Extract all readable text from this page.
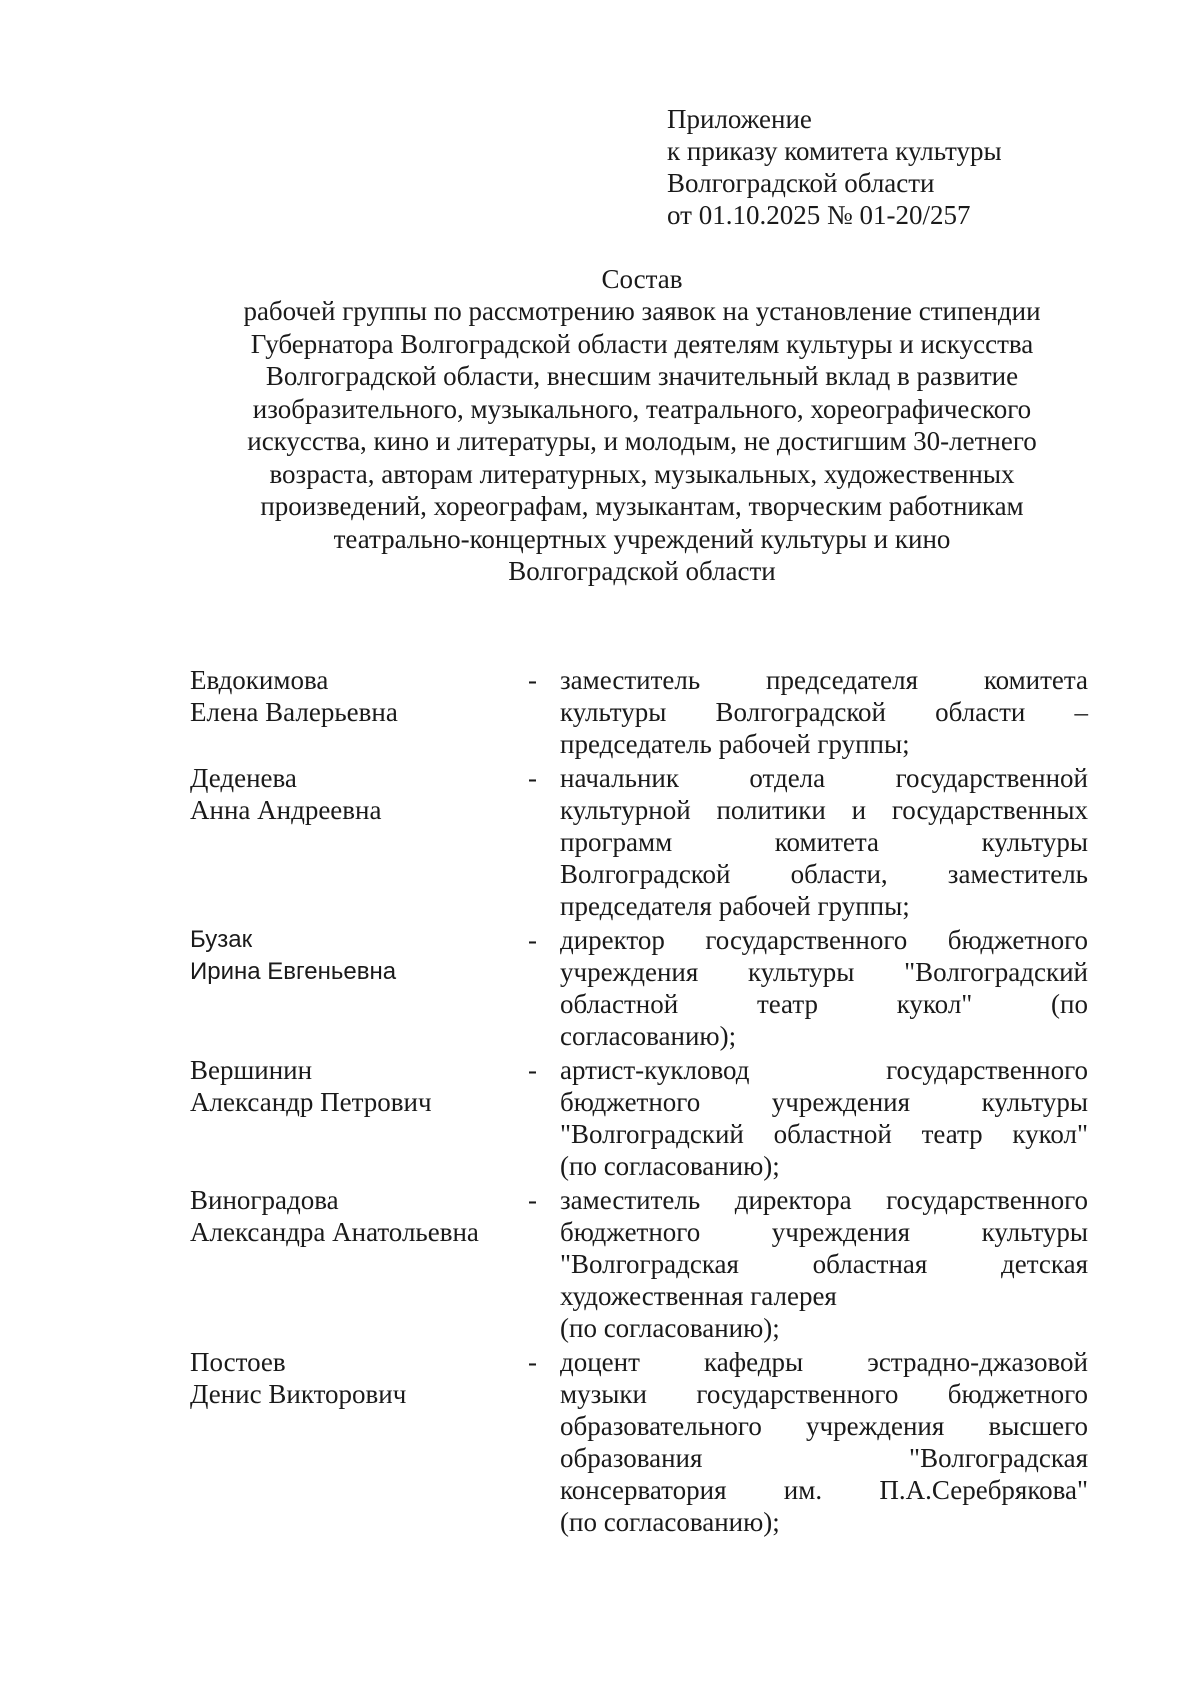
Приложение
к приказу комитета культуры
Волгоградской области
от 01.10.2025 № 01-20/257
Состав
рабочей группы по рассмотрению заявок на установление стипендии
Губернатора Волгоградской области деятелям культуры и искусства
Волгоградской области, внесшим значительный вклад в развитие
изобразительного, музыкального, театрального, хореографического
искусства, кино и литературы, и молодым, не достигшим 30-летнего
возраста, авторам литературных, музыкальных, художественных
произведений, хореографам, музыкантам, творческим работникам
театрально-концертных учреждений культуры и кино
Волгоградской области
Евдокимова
Елена Валерьевна
- заместитель председателя комитета
культуры Волгоградской области –
председатель рабочей группы;
Деденева
Анна Андреевна
- начальник отдела государственной
культурной политики и государственных
программ комитета культуры
Волгоградской области, заместитель
председателя рабочей группы;
Бузак
Ирина Евгеньевна
- директор государственного бюджетного
учреждения культуры "Волгоградский
областной театр кукол" (по
согласованию);
Вершинин
Александр Петрович
- артист-кукловод государственного
бюджетного учреждения культуры
"Волгоградский областной театр кукол"
(по согласованию);
Виноградова
Александра Анатольевна
- заместитель директора государственного
бюджетного учреждения культуры
"Волгоградская областная детская
художественная галерея
(по согласованию);
Постоев
Денис Викторович
- доцент кафедры эстрадно-джазовой
музыки государственного бюджетного
образовательного учреждения высшего
образования "Волгоградская
консерватория им. П.А.Серебрякова"
(по согласованию);
